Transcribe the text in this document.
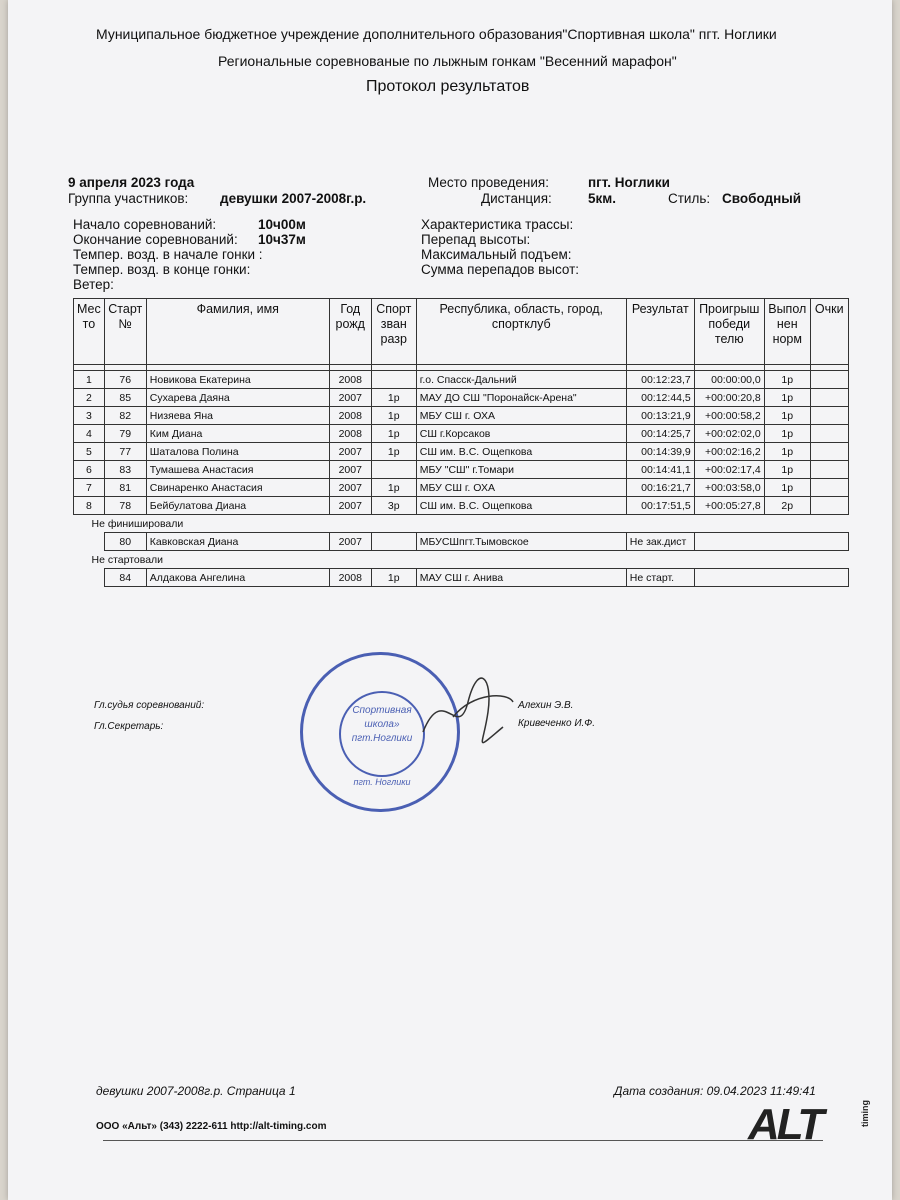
Муниципальное бюджетное учреждение дополнительного образования"Спортивная школа" пгт. Ноглики
Региональные соревнованые по лыжным гонкам "Весенний марафон"
Протокол результатов
9 апреля 2023 года
Группа участников: девушки 2007-2008г.р.
Место проведения:	пгт. Ноглики
Дистанция:	5км.	Стиль: Свободный
Начало соревнований:	10ч00м
Окончание соревнований: 10ч37м
Темпер. возд. в начале гонки :
Темпер. возд. в конце гонки:
Ветер:
Характеристика трассы:
Перепад высоты:
Максимальный подъем:
Сумма перепадов высот:
Мес то	Старт №	Фамилия, имя	Год рожд	Спорт зван разр	Республика, область, город, спортклуб	Результат	Проигрыш победи телю	Выпол нен норм	Очки

1	76	Новикова Екатерина	2008		г.о. Спасск-Дальний	00:12:23,7	00:00:00,0	1р	
2	85	Сухарева Даяна	2007	1р	МАУ ДО СШ "Поронайск-Арена"	00:12:44,5	+00:00:20,8	1р	
3	82	Низяева Яна	2008	1р	МБУ СШ г. ОХА	00:13:21,9	+00:00:58,2	1р	
4	79	Ким Диана	2008	1р	СШ г.Корсаков	00:14:25,7	+00:02:02,0	1р	
5	77	Шаталова Полина	2007	1р	СШ им. В.С. Ощепкова	00:14:39,9	+00:02:16,2	1р	
6	83	Тумашева Анастасия	2007		МБУ "СШ" г.Томари	00:14:41,1	+00:02:17,4	1р	
7	81	Свинаренко Анастасия	2007	1р	МБУ СШ г. ОХА	00:16:21,7	+00:03:58,0	1р	
8	78	Бейбулатова Диана	2007	3р	СШ им. В.С. Ощепкова	00:17:51,5	+00:05:27,8	2р	
Не финишировали									
	80	Кавковская Диана	2007		МБУСШпгт.Тымовское	Не зак.дист			
Не стартовали									
	84	Алдакова Ангелина	2008	1р	МАУ СШ г. Анива	Не старт.			
Гл.судья соревнований:
Гл.Секретарь:
Алехин Э.В.
Кривеченко И.Ф.
Спортивная
школа»
пгт.Ноглики
пгт. Ноглики
девушки 2007-2008г.р. Страница 1	Дата создания: 09.04.2023 11:49:41
ООО «Альт» (343) 2222-611 http://alt-timing.com	ALT	timing
